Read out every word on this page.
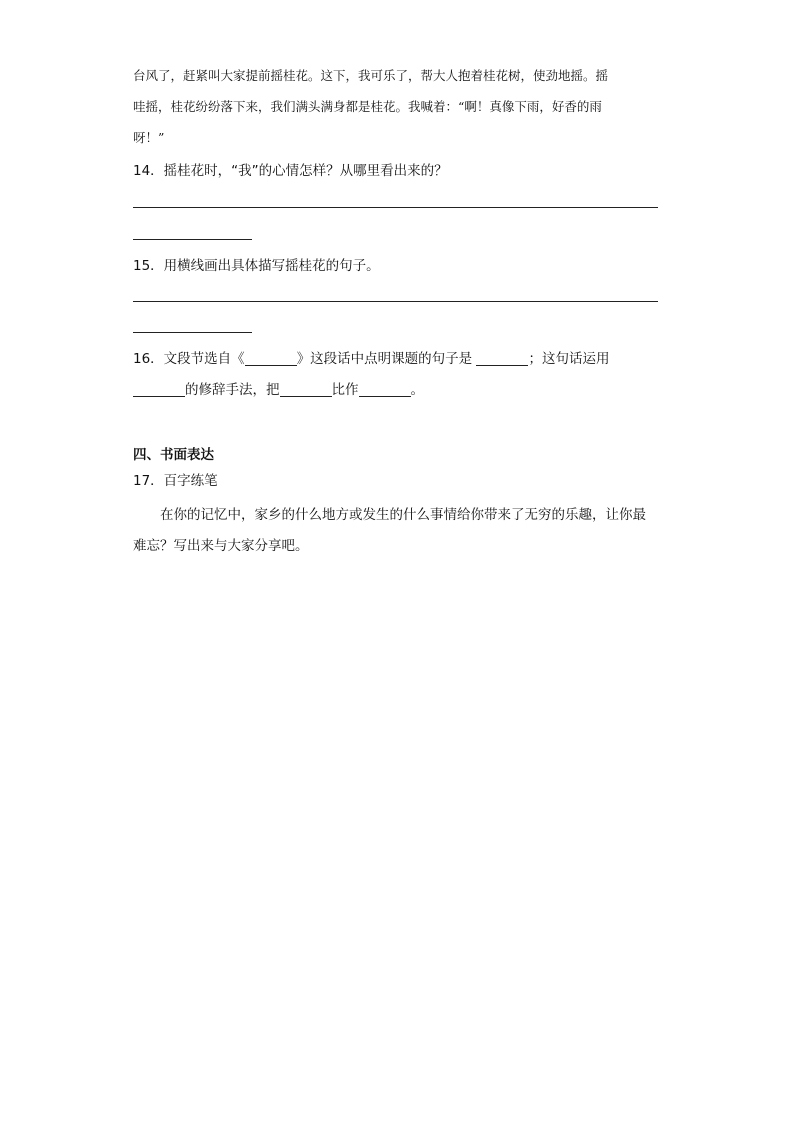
台风了，赶紧叫大家提前摇桂花。这下，我可乐了，帮大人抱着桂花树，使劲地摇。摇
哇摇，桂花纷纷落下来，我们满头满身都是桂花。我喊着：“啊！真像下雨，好香的雨
呀！”
14．摇桂花时，“我”的心情怎样？从哪里看出来的？
15．用横线画出具体描写摇桂花的句子。
16．文段节选自《	》这段话中点明课题的句子是	；这句话运用
的修辞手法，把	比作	。
四、书面表达
17．百字练笔
在你的记忆中，家乡的什么地方或发生的什么事情给你带来了无穷的乐趣，让你最
难忘？写出来与大家分享吧。
